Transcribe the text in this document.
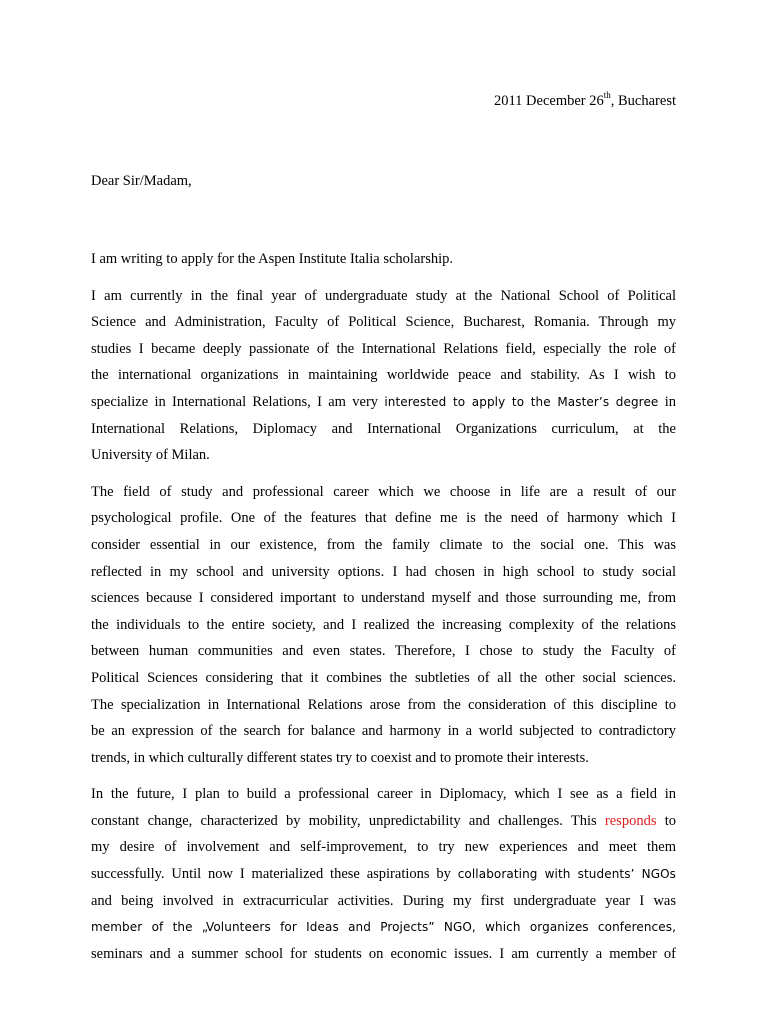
2011 December 26th, Bucharest
Dear Sir/Madam,
I am writing to apply for the Aspen Institute Italia scholarship.
I am currently in the final year of undergraduate study at the National School of Political
Science and Administration, Faculty of Political Science, Bucharest, Romania. Through my
studies I became deeply passionate of the International Relations field, especially the role of
the international organizations in maintaining worldwide peace and stability. As I wish to
specialize in International Relations, I am very interested to apply to the Master’s degree in
International Relations, Diplomacy and International Organizations curriculum, at the
University of Milan.
The field of study and professional career which we choose in life are a result of our
psychological profile. One of the features that define me is the need of harmony which I
consider essential in our existence, from the family climate to the social one. This was
reflected in my school and university options. I had chosen in high school to study social
sciences because I considered important to understand myself and those surrounding me, from
the individuals to the entire society, and I realized the increasing complexity of the relations
between human communities and even states. Therefore, I chose to study the Faculty of
Political Sciences considering that it combines the subtleties of all the other social sciences.
The specialization in International Relations arose from the consideration of this discipline to
be an expression of the search for balance and harmony in a world subjected to contradictory
trends, in which culturally different states try to coexist and to promote their interests.
In the future, I plan to build a professional career in Diplomacy, which I see as a field in
constant change, characterized by mobility, unpredictability and challenges. This responds to
my desire of involvement and self-improvement, to try new experiences and meet them
successfully. Until now I materialized these aspirations by collaborating with students’ NGOs
and being involved in extracurricular activities. During my first undergraduate year I was
member of the „Volunteers for Ideas and Projects” NGO, which organizes conferences,
seminars and a summer school for students on economic issues. I am currently a member of
